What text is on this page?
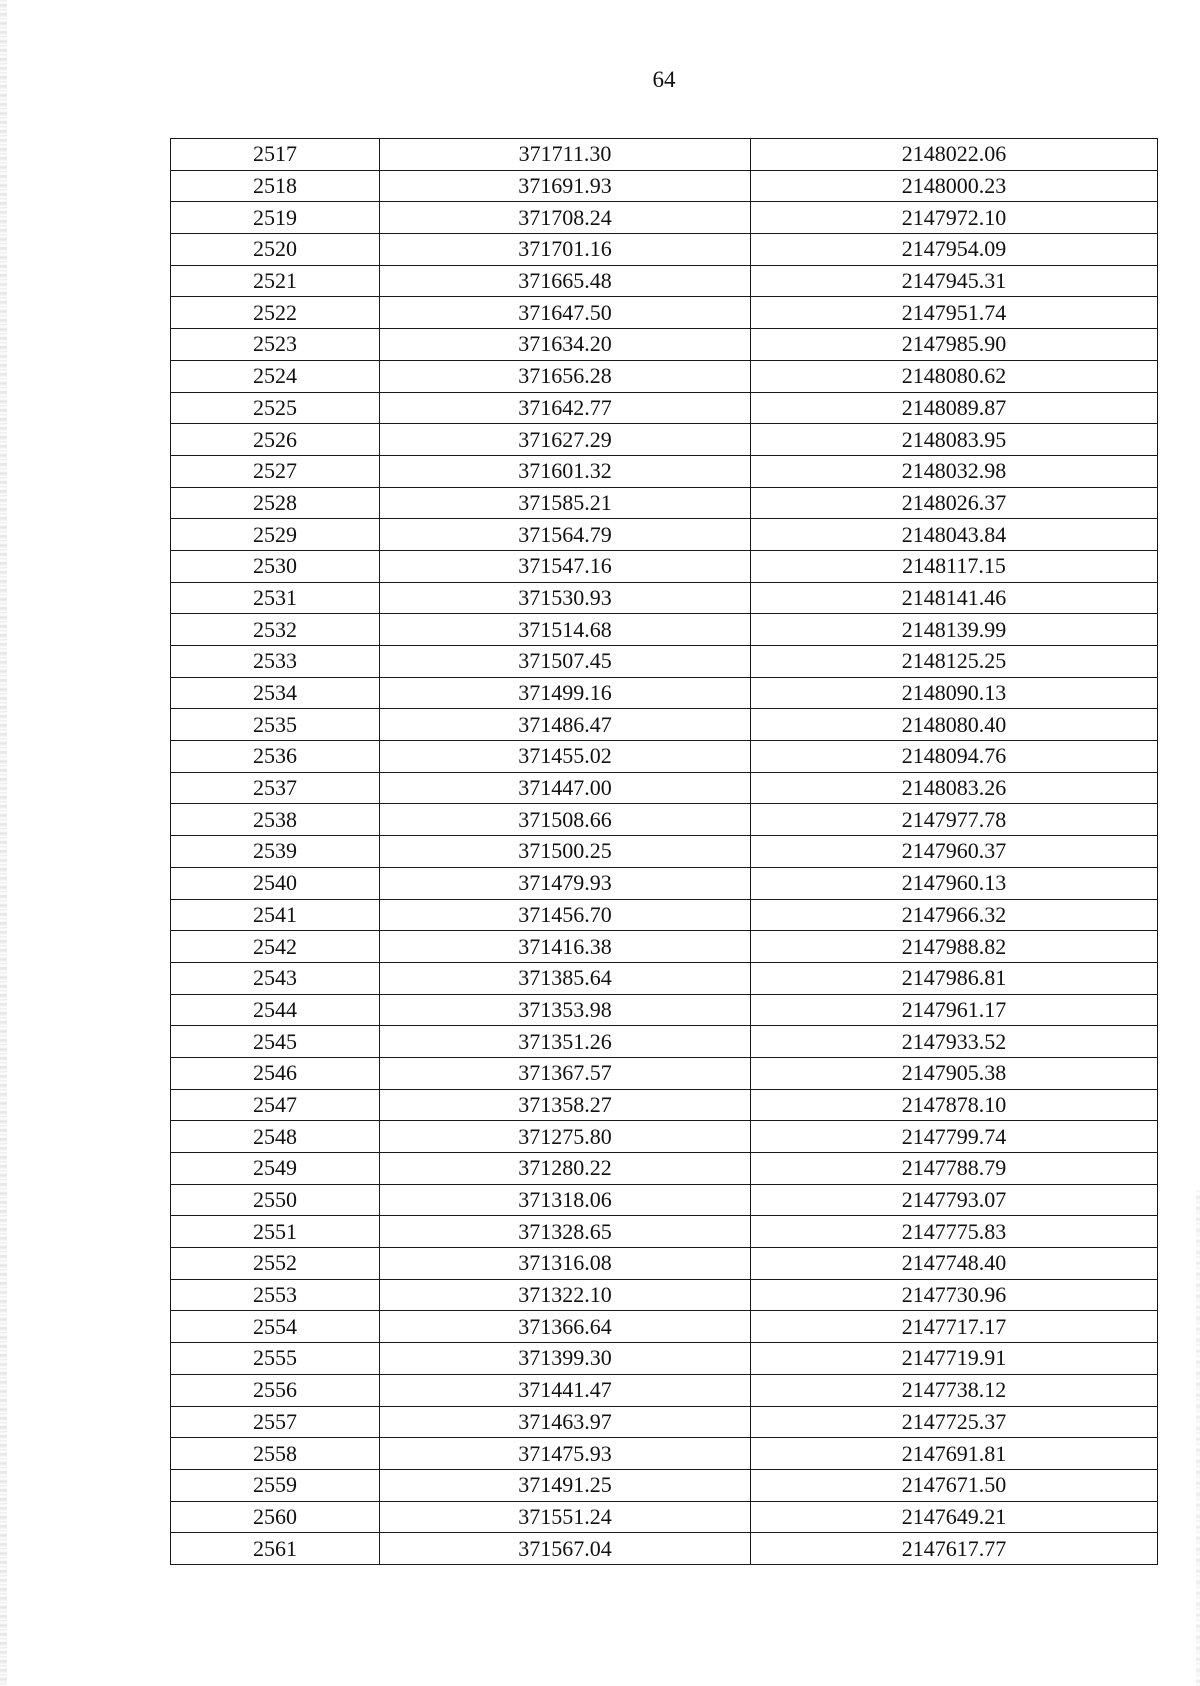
64
2517	371711.30	2148022.06
2518	371691.93	2148000.23
2519	371708.24	2147972.10
2520	371701.16	2147954.09
2521	371665.48	2147945.31
2522	371647.50	2147951.74
2523	371634.20	2147985.90
2524	371656.28	2148080.62
2525	371642.77	2148089.87
2526	371627.29	2148083.95
2527	371601.32	2148032.98
2528	371585.21	2148026.37
2529	371564.79	2148043.84
2530	371547.16	2148117.15
2531	371530.93	2148141.46
2532	371514.68	2148139.99
2533	371507.45	2148125.25
2534	371499.16	2148090.13
2535	371486.47	2148080.40
2536	371455.02	2148094.76
2537	371447.00	2148083.26
2538	371508.66	2147977.78
2539	371500.25	2147960.37
2540	371479.93	2147960.13
2541	371456.70	2147966.32
2542	371416.38	2147988.82
2543	371385.64	2147986.81
2544	371353.98	2147961.17
2545	371351.26	2147933.52
2546	371367.57	2147905.38
2547	371358.27	2147878.10
2548	371275.80	2147799.74
2549	371280.22	2147788.79
2550	371318.06	2147793.07
2551	371328.65	2147775.83
2552	371316.08	2147748.40
2553	371322.10	2147730.96
2554	371366.64	2147717.17
2555	371399.30	2147719.91
2556	371441.47	2147738.12
2557	371463.97	2147725.37
2558	371475.93	2147691.81
2559	371491.25	2147671.50
2560	371551.24	2147649.21
2561	371567.04	2147617.77
